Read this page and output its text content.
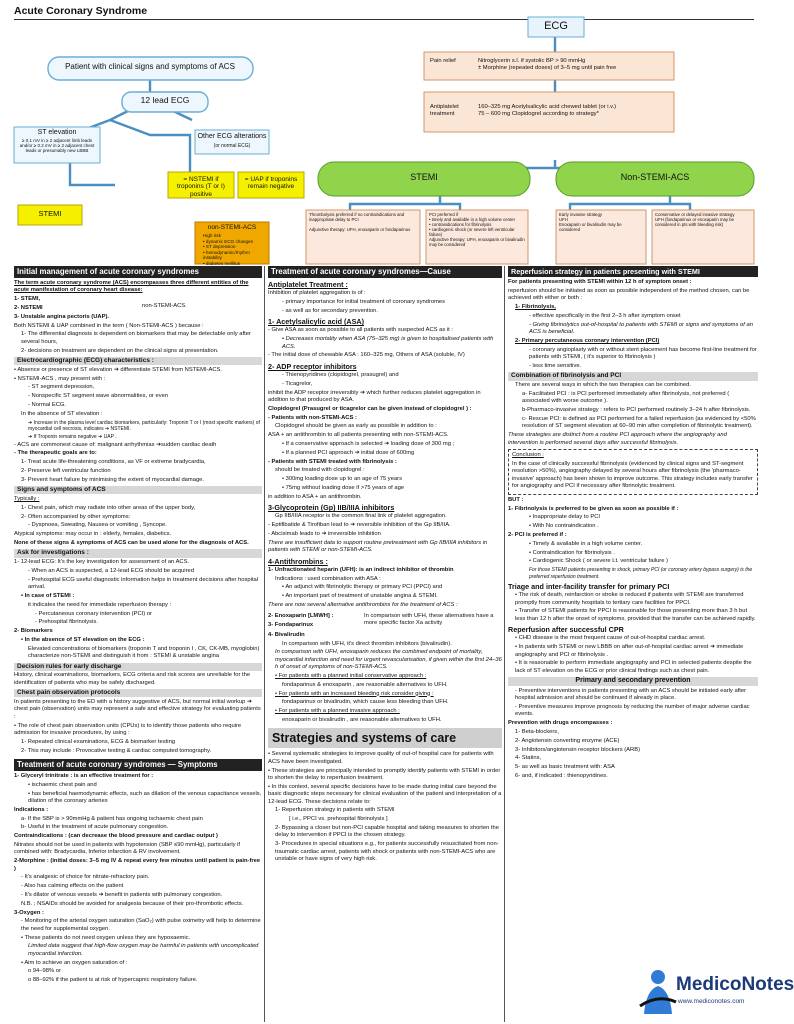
Acute Coronary Syndrome
Patient with clinical signs and symptoms of ACS
12 lead ECG
ST elevation
≥ 0.1 mV in ≥ 2 adjacent limb leads and/or ≥ 0.2 mV in ≥ 2 adjacent chest leads or presumably new LBBB
Other ECG alterations
(or normal ECG)
= NSTEMI if troponins (T or I) positive
= UAP if troponins remain negative
STEMI
non-STEMI-ACS
High risk
• dynamic ECG changes
• ST depression
• hemodynamic/rhythm instability
• diabetes mellitus
ECG
Pain relief	Nitroglycerin s.l. if systolic BP > 90 mmHg
± Morphine (repeated doses) of 3–5 mg until pain free
Antiplatelet treatment
160–325 mg Acetylsalicylic acid chewed tablet (or i.v.)
75 – 600 mg Clopidogrel according to strategy*
STEMI	Non-STEMI-ACS
Thrombolysis preferred if no contraindications and inappropriate delay to PCI

Adjunctive therapy: UFH, enoxaparin or fondaparinux
PCI preferred if
• timely and available in a high volume center
• contraindications for fibrinolysis
• cardiogenic shock (or severe left ventricular failure)
Adjunctive therapy: UFH, enoxaparin or bivalirudin may be considered
Early invasive strategy
UFH
Enoxaparin or bivalirudin may be considered
Conservative or delayed invasive strategy
UFH (fondaparinux or enoxaparin may be considered in pts with bleeding risk)
Initial management of acute coronary syndromes

The term acute coronary syndrome (ACS) encompasses three different entities of the acute manifestation of coronary heart disease:

1- STEMI,

2- NSTEMI

3- Unstable angina pectoris (UAP).

non-STEMI-ACS.

Both NSTEMI & UAP combined in the term ( Non-STEMI-ACS ) because :

1- The differential diagnosis is dependent on biomarkers that may be detectable only after several hours,

2- decisions on treatment are dependent on the clinical signs at presentation.

Electrocardiographic (ECG) characteristics :

• Absence or presence of ST elevation ➔ differentiate STEMI from NSTEMI-ACS.

• NSTEMI-ACS , may present with :

- ST segment depression,

- Nonspecific ST segment wave abnormalities, or even

- Normal ECG.

In the absence of ST elevation :

➔ Increase in the plasma level cardiac biomarkers, particularly: Troponin T or I (most specific markers) of myocardial cell necrosis, indicates ➔ NSTEMI.

➔ If Troponin remains negative ➔ UAP .

- ACS are commonest cause of: malignant arrhythmias ➔sudden cardiac death

- The therapeutic goals are to:

1- Treat acute life-threatening conditions, as VF or extreme bradycardia,

2- Preserve left ventricular function

3- Prevent heart failure by minimising the extent of myocardial damage.

Signs and symptoms of ACS

Typically :

1- Chest pain, which may radiate into other areas of the upper body,

2- Often accompanied by other symptoms:

- Dyspnoea, Sweating, Nausea or vomiting , Syncope.

Atypical symptoms: may occur in : elderly, females, diabetics.

None of these signs & symptoms of ACS can be used alone for the diagnosis of ACS.

Ask for investigations :

1- 12-lead ECG: It's the key investigation for assessment of an ACS.

- When an ACS is suspected, a 12-lead ECG should be acquired

- Prehospital ECG useful diagnostic information helps in treatment decisions after hospital arrival.

• In case of STEMI :

it indicates the need for immediate reperfusion therapy :

- Percutaneous coronary intervention (PCI) or

- Prehospital fibrinolysis.

2- Biomarkers

• In the absence of ST elevation on the ECG :

Elevated concentrations of biomarkers (troponin T and troponin I , CK, CK-MB, myoglobin) characterize non-STEMI and distinguish it from : STEMI & unstable angina

Decision rules for early discharge

History, clinical examinations, biomarkers, ECG criteria and risk scores are unreliable for the identification of patients who may be safely discharged.

Chest pain observation protocols

In patients presenting to the ED with a history suggestive of ACS, but normal initial workup ➔ chest pain (observation) units may represent a safe and effective strategy for evaluating patients :

• The role of chest pain observation units (CPUs) is to identify those patients who require admission for invasive procedures, by using :

1- Repeated clinical examinations, ECG & biomarker testing

2- This may include : Provocative testing & cardiac computed tomography.

Treatment of acute coronary syndromes — Symptoms

1- Glyceryl trinitrate : is an effective treatment for :

• ischaemic chest pain and

• has beneficial haemodynamic effects, such as dilation of the venous capacitance vessels, dilation of the coronary arteries

Indications :

a- If the SBP is > 90mmHg & patient has ongoing ischaemic chest pain

b- Useful in the treatment of acute pulmonary congestion.

Contraindications : (can decrease the blood pressure and cardiac output )

Nitrates should not be used in patients with hypotension (SBP ≤90 mmHg), particularly if combined with: Bradycardia, Inferior infarction & RV involvement.

2-Morphine : (initial doses: 3–5 mg IV & repeat every few minutes until patient is pain-free )

- It's analgesic of choice for nitrate-refractory pain.

- Also has calming effects on the patient

- It's dilator of venous vessels ➔ benefit in patients with pulmonary congestion.

N.B. ; NSAIDs should be avoided for analgesia because of their pro-thrombotic effects.

3-Oxygen :

- Monitoring of the arterial oxygen saturation (SaO₂) with pulse oximetry will help to determine the need for supplemental oxygen.

• These patients do not need oxygen unless they are hypoxaemic.

Limited data suggest that high-flow oxygen may be harmful in patients with uncomplicated myocardial infarction.

• Aim to achieve an oxygen saturation of :

o 94–98% or

o 88–92% if the patient is at risk of hypercapnic respiratory failure.

Treatment of acute coronary syndromes—Cause
Antiplatelet Treatment :

Inhibition of platelet aggregation is of :

- primary importance for initial treatment of coronary syndromes

- as well as for secondary prevention.

1- Acetylsalicylic acid (ASA)

- Give ASA as soon as possible to all patients with suspected ACS as it :

• Decreases mortality when ASA (75–325 mg) is given to hospitalised patients with ACS.

- The initial dose of chewable ASA : 160–325 mg, Others of ASA (soluble, IV)

2- ADP receptor inhibitors

- Thienopyridines (clopidogrel, prasugrel) and

- Ticagrelor,

inhibit the ADP receptor irreversibly ➔ which further reduces platelet aggregation in addition to that produced by ASA.

Clopidogrel (Prasugrel or ticagrelor can be given instead of clopidogrel ) :

- Patients with non-STEMI-ACS :

Clopidogrel should be given as early as possible in addition to :

ASA + an antithrombin to all patients presenting with non-STEMI-ACS.

• If a conservative approach is selected ➔ loading dose of 300 mg ;

• If a planned PCI approach ➔ initial dose of 600mg

- Patients with STEMI treated with fibrinolysis :

should be treated with clopidogrel :

• 300mg loading dose up to an age of 75 years

• 75mg without loading dose if >75 years of age

in addition to ASA + an antithrombin.

3-Glycoprotein (Gp) IIB/IIIA inhibitors

Gp IIB/IIIA receptor is the common final link of platelet aggregation.

- Eptifibatide & Tirofiban lead to ➔ reversible inhibition of the Gp IIB/IIA.

- Abciximab leads to ➔ irreversible inhibition

There are insufficient data to support routine pretreatment with Gp IIB/IIIA inhibitors in patients with STEMI or non-STEMI-ACS.

4-Antithrombins :

1- Unfractionated heparin (UFH): is an indirect inhibitor of thrombin

Indications : used combination with ASA :

• An adjunct with fibrinolytic therapy or primary PCI (PPCI) and

• An important part of treatment of unstable angina & STEMI.

There are now several alternative antithrombins for the treatment of ACS :

2- Enoxaparin [LMWH] :

3- Fondaparinux

In comparison with UFH, these alternatives have a more specific factor Xa activity

4- Bivalirudin

In comparison with UFH, it's direct thrombin inhibitors (bivalirudin).

In comparison with UFH, enoxaparin reduces the combined endpoint of mortality, myocardial infarction and need for urgent revascularisation, if given within the first 24–36 h of onset of symptoms of non-STEMI-ACS.

• For patients with a planned initial conservative approach :

fondaparinux & enoxaparin , are reasonable alternatives to UFH.

• For patients with an increased bleeding risk consider giving :

fondaparinux or bivalirudin, which cause less bleeding than UFH.

• For patients with a planned invasive approach :

enoxaparin or bivalirudin , are reasonable alternatives to UFH.

Strategies and systems of care

• Several systematic strategies to improve quality of out-of hospital care for patients with ACS have been investigated.

• These strategies are principally intended to promptly identify patients with STEMI in order to shorten the delay to reperfusion treatment.

• In this context, several specific decisions have to be made during initial care beyond the basic diagnostic steps necessary for clinical evaluation of the patient and interpretation of a 12-lead ECG. These decisions relate to:

1- Reperfusion strategy in patients with STEMI

[ i.e., PPCI vs. prehospital fibrinolysis ]

2- Bypassing a closer but non-PCI capable hospital and taking measures to shorten the delay to intervention if PPCI is the chosen strategy.

3- Procedures in special situations e.g., for patients successfully resuscitated from non-traumatic cardiac arrest, patients with shock or patients with non-STEMI-ACS who are unstable or have signs of very high risk.

Reperfusion strategy in patients presenting with STEMI

For patients presenting with STEMI within 12 h of symptom onset :

reperfusion should be initiated as soon as possible independent of the method chosen, can be achieved with either or both :

1- Fibrinolysis,

- effective specifically in the first 2–3 h after symptom onset

- Giving fibrinolytics out-of-hospital to patients with STEMI or signs and symptoms of an ACS is beneficial.

2- Primary percutaneous coronary intervention (PCI)

- coronary angioplasty with or without stent placement has become first-line treatment for patients with STEMI, ( it's superior to fibrinolysis )

- less time sensitive.

Combination of fibrinolysis and PCI

There are several ways in which the two therapies can be combined.

a- Facilitated PCI : is PCI performed immediately after fibrinolysis, not preferred ( associated with worse outcome ).

b-Pharmaco-invasive strategy : refers to PCI performed routinely 3–24 h after fibrinolysis.

c- Rescue PCI: is defined as PCI performed for a failed reperfusion (as evidenced by <50% resolution of ST segment elevation at 60–90 min after completion of fibrinolytic treatment).

These strategies are distinct from a routine PCI approach where the angiography and intervention is performed several days after successful fibrinolysis.

Conclusion :

In the case of clinically successful fibrinolysis (evidenced by clinical signs and ST-segment resolution >50%), angiography delayed by several hours after fibrinolysis (the 'pharmaco-invasive' approach) has been shown to improve outcome. This strategy includes early transfer for angiography and PCI if necessary after fibrinolytic treatment.

BUT :

1- Fibrinolysis is preferred to be given as soon as possible if :

• Inappropriate delay to PCI

• With No contraindication .

2- PCI is preferred if :

• Timely & available in a high volume center.

• Contraindication for fibrinolysis .

• Cardiogenic Shock ( or severe Lt. ventricular failure )

For those STEMI patients presenting in shock, primary PCI (or coronary artery bypass surgery) is the preferred reperfusion treatment.

Triage and inter-facility transfer for primary PCI

• The risk of death, reinfarction or stroke is reduced if patients with STEMI are transferred promptly from community hospitals to tertiary care facilities for PPCI.

• Transfer of STEMI patients for PPCI is reasonable for those presenting more than 3 h but less than 12 h after the onset of symptoms, provided that the transfer can be achieved rapidly.

Reperfusion after successful CPR

• CHD disease is the most frequent cause of out-of-hospital cardiac arrest.

• In patients with STEMI or new LBBB on after out-of-hospital cardiac arrest ➔ immediate angiography and PCI or fibrinolysis .

• It is reasonable to perform immediate angiography and PCI in selected patients despite the lack of ST elevation on the ECG or prior clinical findings such as chest pain.

Primary and secondary prevention

- Preventive interventions in patients presenting with an ACS should be initiated early after hospital admission and should be continued if already in place.

- Preventive measures improve prognosis by reducing the number of major adverse cardiac events.

Prevention with drugs encompasses :

1- Beta-blockers,

2- Angiotensin converting enzyme (ACE)

3- Inhibitors/angiotensin receptor blockers (ARB)

4- Statins,

5- as well as basic treatment with: ASA

6- and, if indicated : thienopyridines.

MedicoNotes
www.mediconotes.com
